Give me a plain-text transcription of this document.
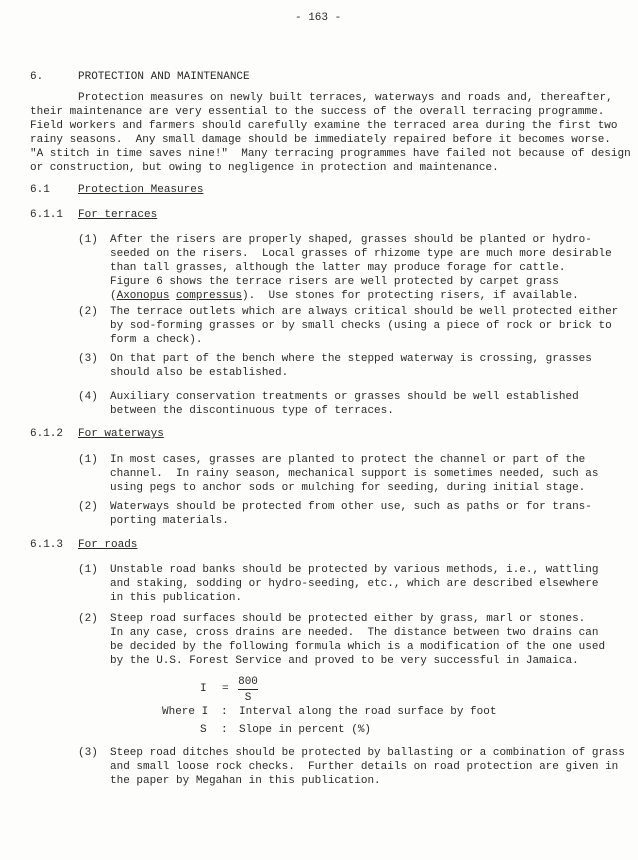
- 163 -
6.	PROTECTION AND MAINTENANCE
Protection measures on newly built terraces, waterways and roads and, thereafter,
their maintenance are very essential to the success of the overall terracing programme.
Field workers and farmers should carefully examine the terraced area during the first two
rainy seasons.  Any small damage should be immediately repaired before it becomes worse.
"A stitch in time saves nine!"  Many terracing programmes have failed not because of design
or construction, but owing to negligence in protection and maintenance.
6.1	Protection Measures
6.1.1 For terraces
(1) After the risers are properly shaped, grasses should be planted or hydro-
seeded on the risers.  Local grasses of rhizome type are much more desirable
than tall grasses, although the latter may produce forage for cattle.
Figure 6 shows the terrace risers are well protected by carpet grass
(Axonopus compressus).  Use stones for protecting risers, if available.
(2) The terrace outlets which are always critical should be well protected either
by sod-forming grasses or by small checks (using a piece of rock or brick to
form a check).
(3) On that part of the bench where the stepped waterway is crossing, grasses
should also be established.
(4) Auxiliary conservation treatments or grasses should be well established
between the discontinuous type of terraces.
6.1.2 For waterways
(1) In most cases, grasses are planted to protect the channel or part of the
channel.  In rainy season, mechanical support is sometimes needed, such as
using pegs to anchor sods or mulching for seeding, during initial stage.
(2) Waterways should be protected from other use, such as paths or for trans-
porting materials.
6.1.3 For roads
(1) Unstable road banks should be protected by various methods, i.e., wattling
and staking, sodding or hydro-seeding, etc., which are described elsewhere
in this publication.
(2) Steep road surfaces should be protected either by grass, marl or stones.
In any case, cross drains are needed.  The distance between two drains can
be decided by the following formula which is a modification of the one used
by the U.S. Forest Service and proved to be very successful in Jamaica.
(3) Steep road ditches should be protected by ballasting or a combination of grass
and small loose rock checks.  Further details on road protection are given in
the paper by Megahan in this publication.
I =
800
S
Where I : Interval along the road surface by foot
S : Slope in percent (%)
